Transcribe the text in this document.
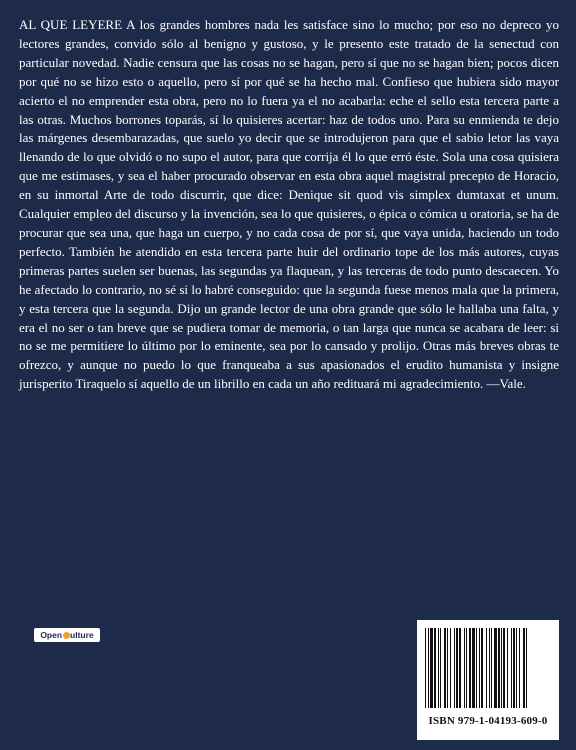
AL QUE LEYERE A los grandes hombres nada les satisface sino lo mucho; por eso no depreco yo lectores grandes, convido sólo al benigno y gustoso, y le presento este tratado de la senectud con particular novedad. Nadie censura que las cosas no se hagan, pero sí que no se hagan bien; pocos dicen por qué no se hizo esto o aquello, pero sí por qué se ha hecho mal. Confieso que hubiera sido mayor acierto el no emprender esta obra, pero no lo fuera ya el no acabarla: eche el sello esta tercera parte a las otras. Muchos borrones toparás, sí lo quisieres acertar: haz de todos uno. Para su enmienda te dejo las márgenes desembarazadas, que suelo yo decir que se introdujeron para que el sabio letor las vaya llenando de lo que olvidó o no supo el autor, para que corrija él lo que erró éste. Sola una cosa quisiera que me estimases, y sea el haber procurado observar en esta obra aquel magistral precepto de Horacio, en su inmortal Arte de todo discurrir, que dice: Denique sit quod vis simplex dumtaxat et unum. Cualquier empleo del discurso y la invención, sea lo que quisieres, o épica o cómica u oratoria, se ha de procurar que sea una, que haga un cuerpo, y no cada cosa de por sí, que vaya unida, haciendo un todo perfecto. También he atendido en esta tercera parte huir del ordinario tope de los más autores, cuyas primeras partes suelen ser buenas, las segundas ya flaquean, y las terceras de todo punto descaecen. Yo he afectado lo contrario, no sé si lo habré conseguido: que la segunda fuese menos mala que la primera, y esta tercera que la segunda. Dijo un grande lector de una obra grande que sólo le hallaba una falta, y era el no ser o tan breve que se pudiera tomar de memoria, o tan larga que nunca se acabara de leer: si no se me permitiere lo último por lo eminente, sea por lo cansado y prolijo. Otras más breves obras te ofrezco, y aunque no puedo lo que franqueaba a sus apasionados el erudito humanista y insigne jurisperito Tiraquelo sí aquello de un librillo en cada un año redituará mi agradecimiento. —Vale.

Open ulture
ISBN 979-1-04193-609-0
